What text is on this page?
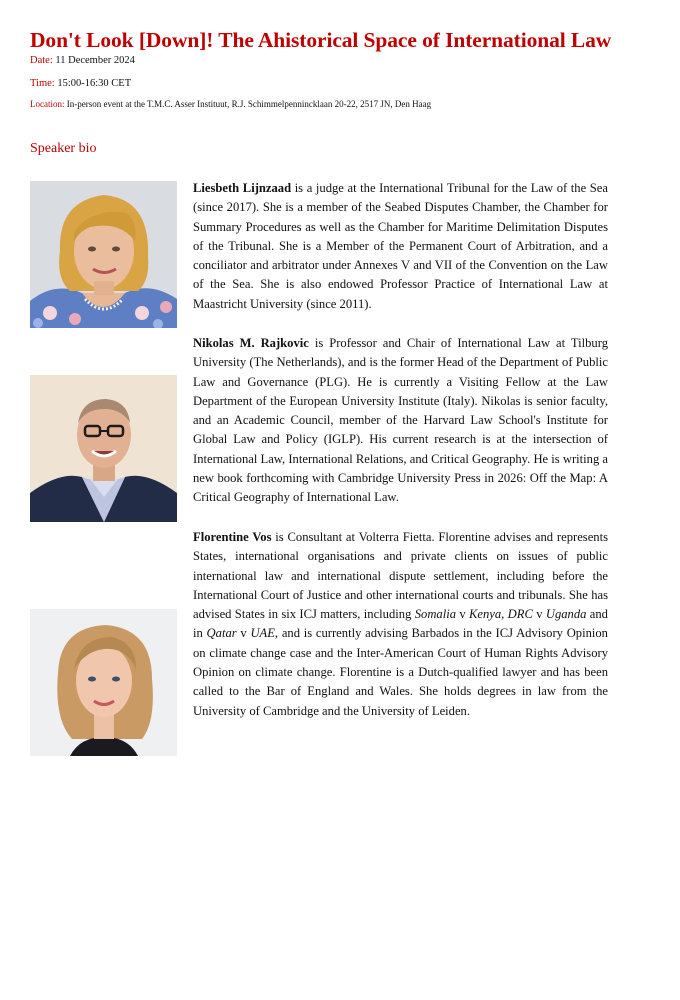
Don't Look [Down]! The Ahistorical Space of International Law
Date: 11 December 2024
Time: 15:00-16:30 CET
Location: In-person event at the T.M.C. Asser Instituut, R.J. Schimmelpennincklaan 20-22, 2517 JN, Den Haag
Speaker bio

Liesbeth Lijnzaad is a judge at the International Tribunal for the Law of the Sea (since 2017). She is a member of the Seabed Disputes Chamber, the Chamber for Summary Procedures as well as the Chamber for Maritime Delimitation Disputes of the Tribunal. She is a Member of the Permanent Court of Arbitration, and a conciliator and arbitrator under Annexes V and VII of the Convention on the Law of the Sea. She is also endowed Professor Practice of International Law at Maastricht University (since 2011).

Nikolas M. Rajkovic is Professor and Chair of International Law at Tilburg University (The Netherlands), and is the former Head of the Department of Public Law and Governance (PLG). He is currently a Visiting Fellow at the Law Department of the European University Institute (Italy). Nikolas is senior faculty, and an Academic Council, member of the Harvard Law School's Institute for Global Law and Policy (IGLP). His current research is at the intersection of International Law, International Relations, and Critical Geography. He is writing a new book forthcoming with Cambridge University Press in 2026: Off the Map: A Critical Geography of International Law.

Florentine Vos is Consultant at Volterra Fietta. Florentine advises and represents States, international organisations and private clients on issues of public international law and international dispute settlement, including before the International Court of Justice and other international courts and tribunals. She has advised States in six ICJ matters, including Somalia v Kenya, DRC v Uganda and in Qatar v UAE, and is currently advising Barbados in the ICJ Advisory Opinion on climate change case and the Inter-American Court of Human Rights Advisory Opinion on climate change. Florentine is a Dutch-qualified lawyer and has been called to the Bar of England and Wales. She holds degrees in law from the University of Cambridge and the University of Leiden.
